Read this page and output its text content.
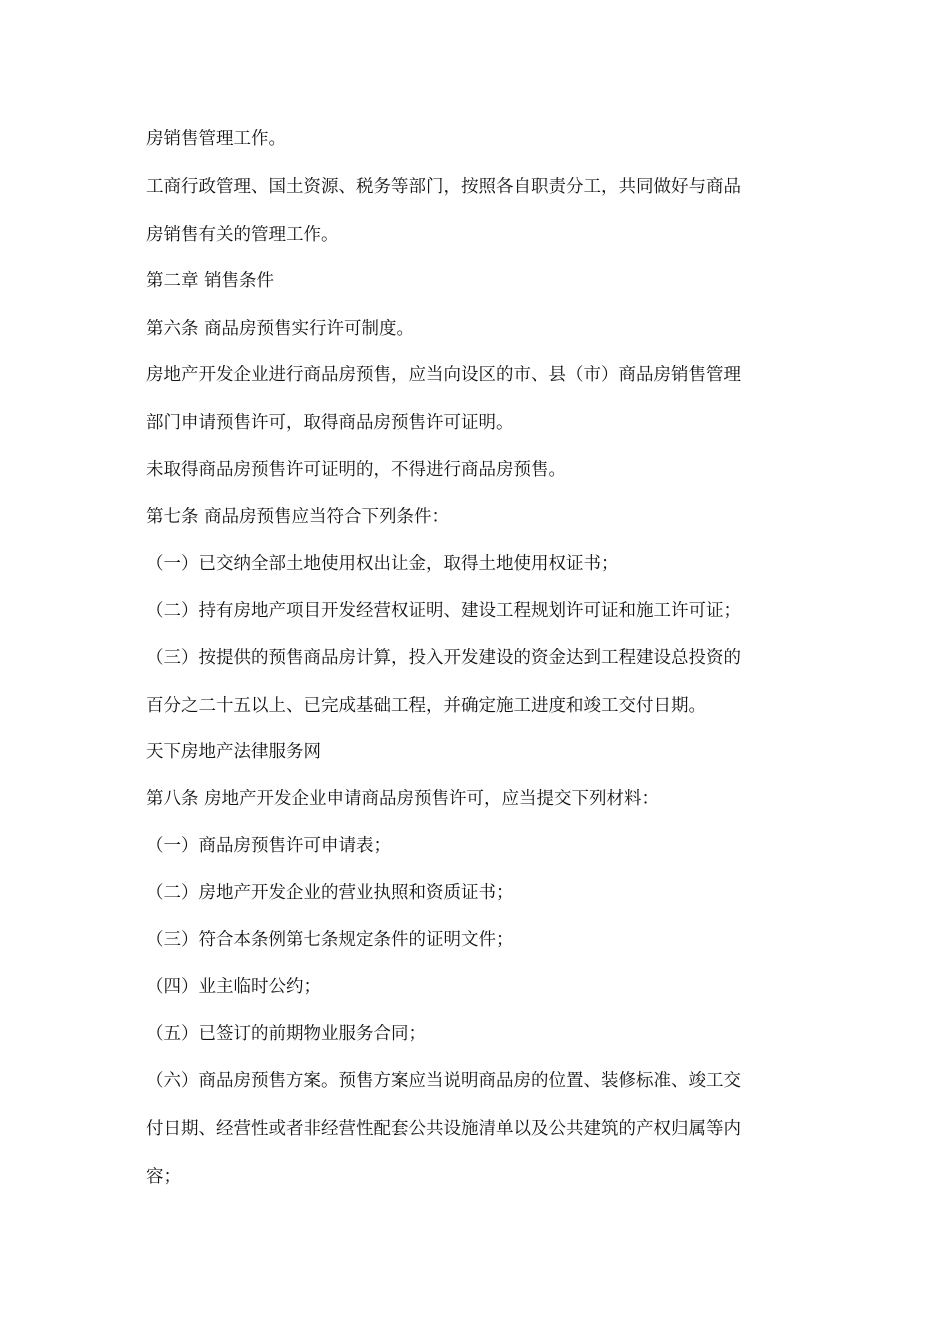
房销售管理工作。
工商行政管理、国土资源、税务等部门，按照各自职责分工，共同做好与商品
房销售有关的管理工作。
第二章 销售条件
第六条 商品房预售实行许可制度。
房地产开发企业进行商品房预售，应当向设区的市、县（市）商品房销售管理
部门申请预售许可，取得商品房预售许可证明。
未取得商品房预售许可证明的，不得进行商品房预售。
第七条 商品房预售应当符合下列条件：
（一）已交纳全部土地使用权出让金，取得土地使用权证书；
（二）持有房地产项目开发经营权证明、建设工程规划许可证和施工许可证；
（三）按提供的预售商品房计算，投入开发建设的资金达到工程建设总投资的
百分之二十五以上、已完成基础工程，并确定施工进度和竣工交付日期。
天下房地产法律服务网
第八条 房地产开发企业申请商品房预售许可，应当提交下列材料：
（一）商品房预售许可申请表；
（二）房地产开发企业的营业执照和资质证书；
（三）符合本条例第七条规定条件的证明文件；
（四）业主临时公约；
（五）已签订的前期物业服务合同；
（六）商品房预售方案。预售方案应当说明商品房的位置、装修标准、竣工交
付日期、经营性或者非经营性配套公共设施清单以及公共建筑的产权归属等内
容；
